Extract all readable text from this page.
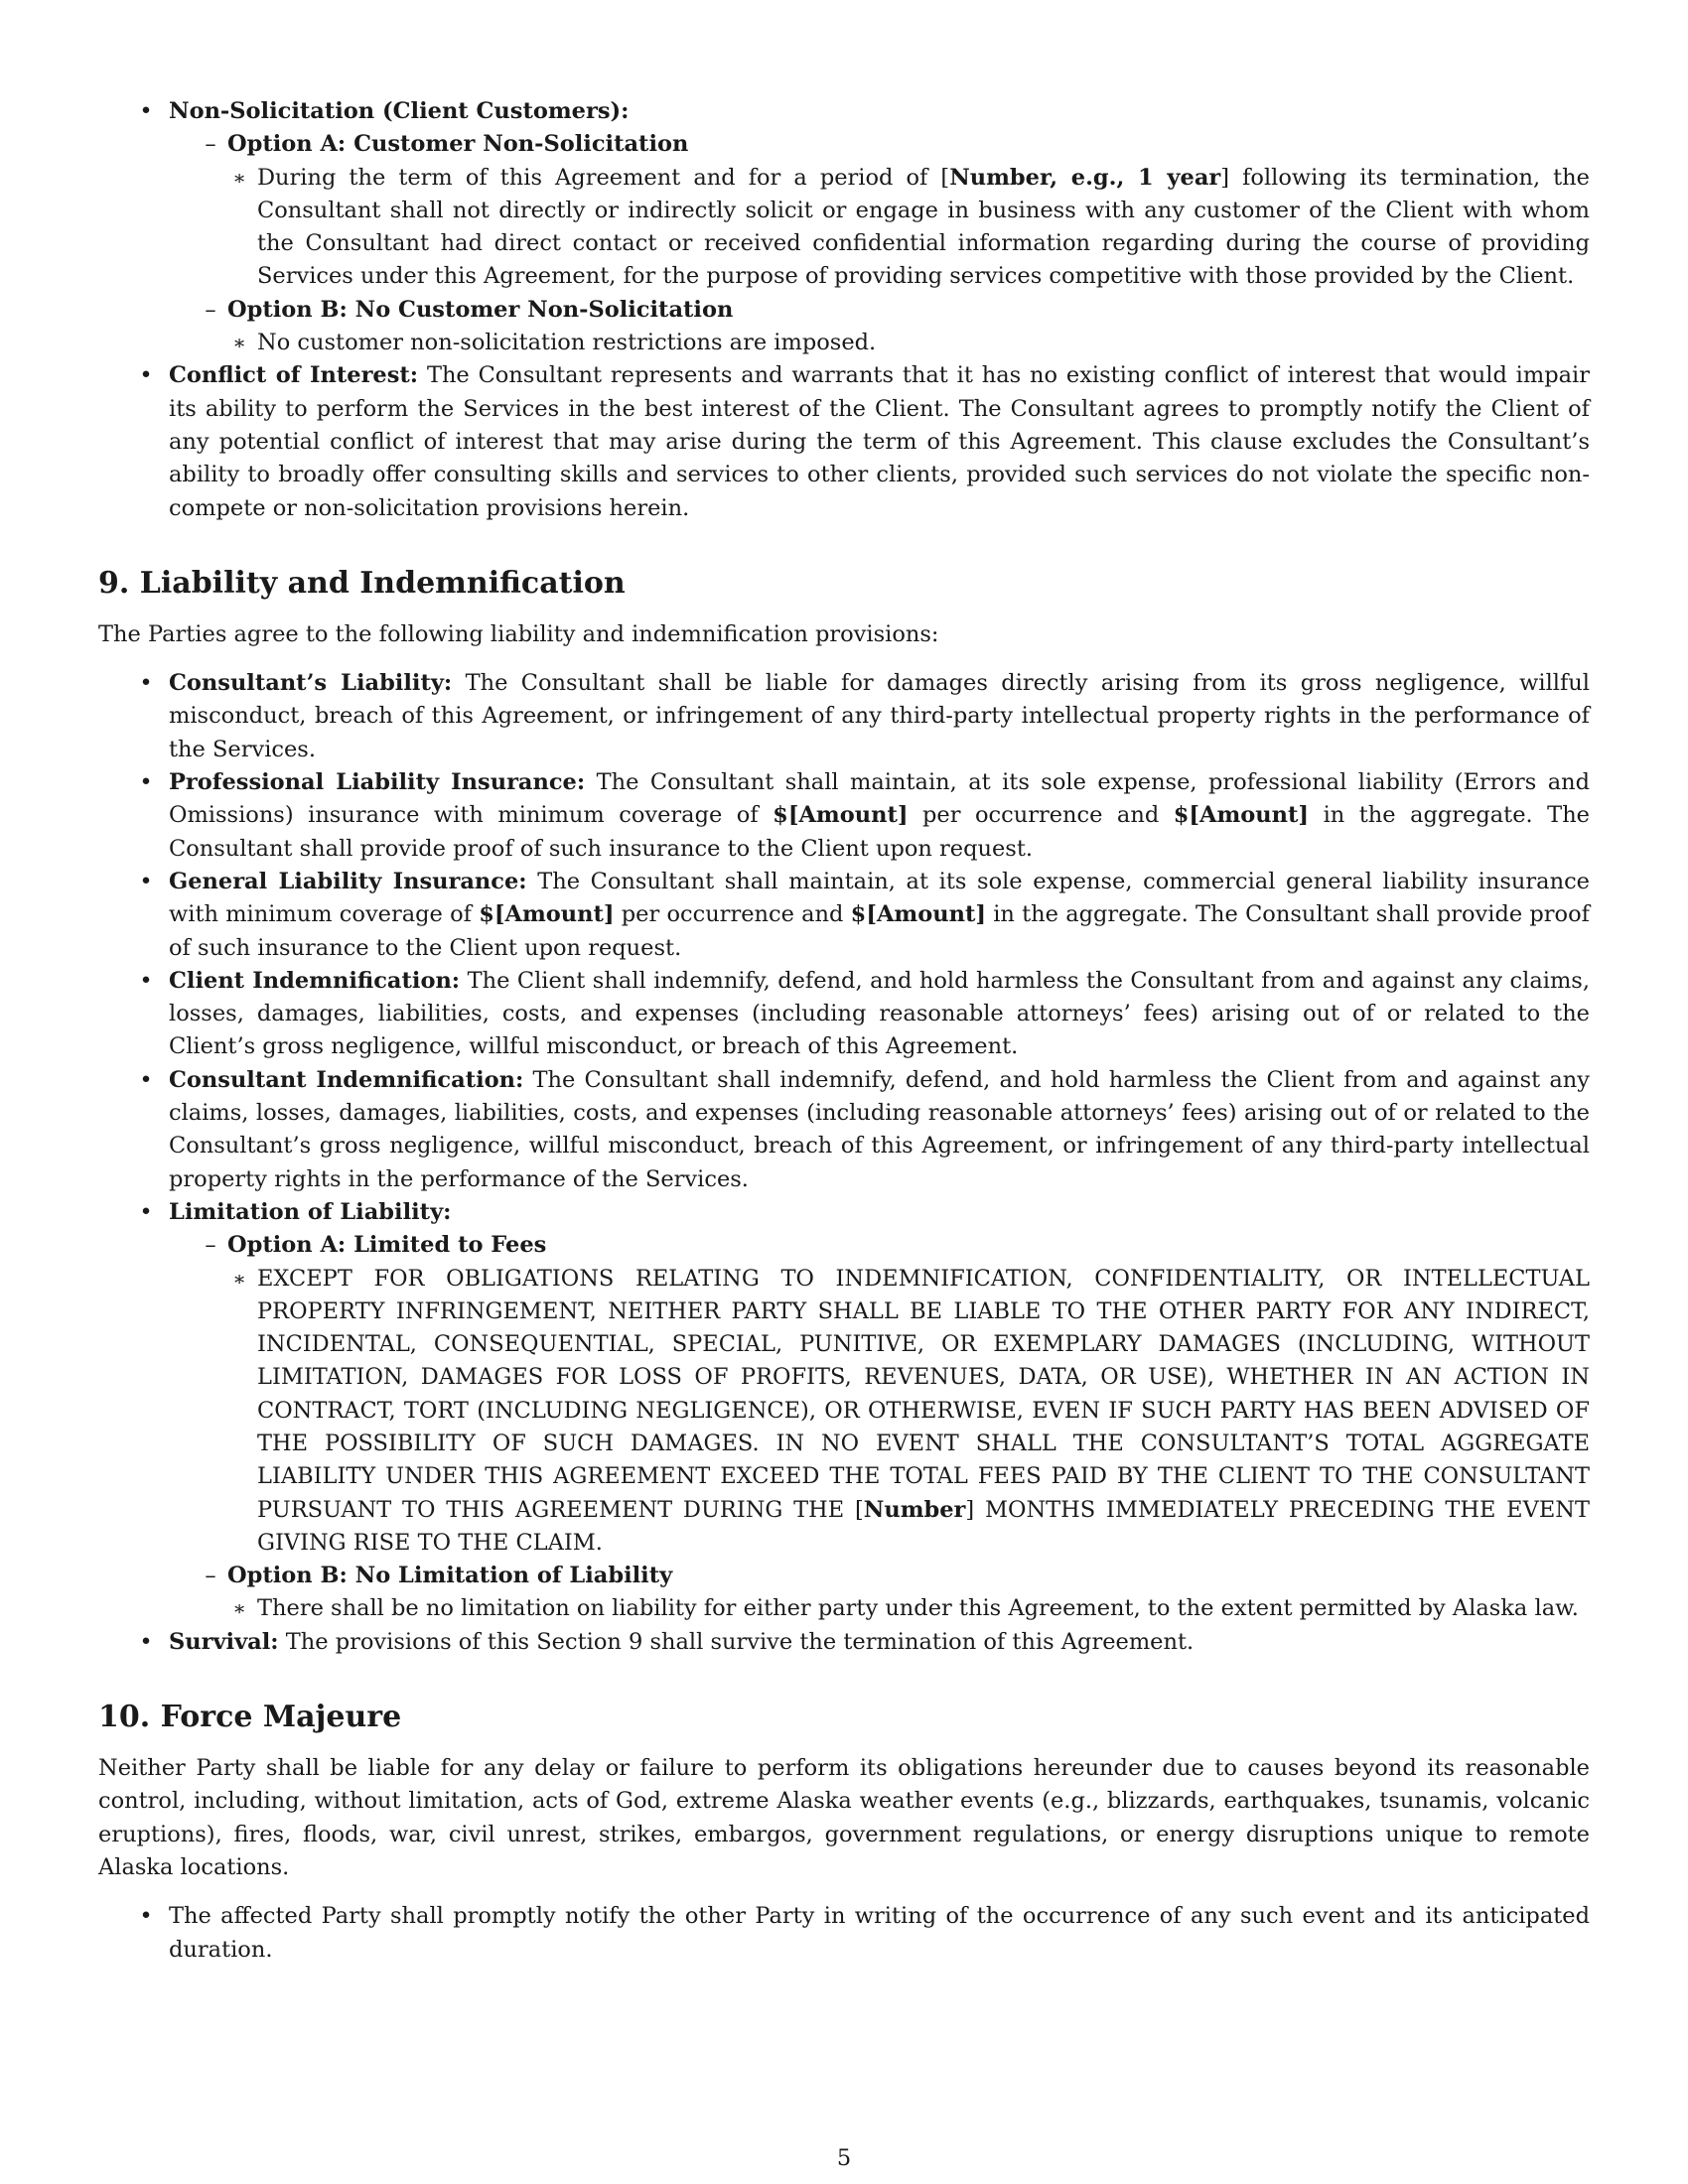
• Non-Solicitation (Client Customers):
– Option A: Customer Non-Solicitation
∗ During the term of this Agreement and for a period of [Number, e.g., 1 year] following its termination, the Consultant shall not directly or indirectly solicit or engage in business with any customer of the Client with whom the Consultant had direct contact or received confidential information regarding during the course of providing Services under this Agreement, for the purpose of providing services competitive with those provided by the Client.
– Option B: No Customer Non-Solicitation
∗ No customer non-solicitation restrictions are imposed.
• Conflict of Interest: The Consultant represents and warrants that it has no existing conflict of interest that would impair its ability to perform the Services in the best interest of the Client. The Consultant agrees to promptly notify the Client of any potential conflict of interest that may arise during the term of this Agreement. This clause excludes the Consultant’s ability to broadly offer consulting skills and services to other clients, provided such services do not violate the specific non-compete or non-solicitation provisions herein.
9. Liability and Indemnification

The Parties agree to the following liability and indemnification provisions:

• Consultant’s Liability: The Consultant shall be liable for damages directly arising from its gross negligence, willful misconduct, breach of this Agreement, or infringement of any third-party intellectual property rights in the performance of the Services.
• Professional Liability Insurance: The Consultant shall maintain, at its sole expense, professional liability (Errors and Omissions) insurance with minimum coverage of $[Amount] per occurrence and $[Amount] in the aggregate. The Consultant shall provide proof of such insurance to the Client upon request.
• General Liability Insurance: The Consultant shall maintain, at its sole expense, commercial general liability insurance with minimum coverage of $[Amount] per occurrence and $[Amount] in the aggregate. The Consultant shall provide proof of such insurance to the Client upon request.
• Client Indemnification: The Client shall indemnify, defend, and hold harmless the Consultant from and against any claims, losses, damages, liabilities, costs, and expenses (including reasonable attorneys’ fees) arising out of or related to the Client’s gross negligence, willful misconduct, or breach of this Agreement.
• Consultant Indemnification: The Consultant shall indemnify, defend, and hold harmless the Client from and against any claims, losses, damages, liabilities, costs, and expenses (including reasonable attorneys’ fees) arising out of or related to the Consultant’s gross negligence, willful misconduct, breach of this Agreement, or infringement of any third-party intellectual property rights in the performance of the Services.
• Limitation of Liability:
– Option A: Limited to Fees
∗ EXCEPT FOR OBLIGATIONS RELATING TO INDEMNIFICATION, CONFIDENTIALITY, OR INTELLECTUAL PROPERTY INFRINGEMENT, NEITHER PARTY SHALL BE LIABLE TO THE OTHER PARTY FOR ANY INDIRECT, INCIDENTAL, CONSEQUENTIAL, SPECIAL, PUNITIVE, OR EXEMPLARY DAMAGES (INCLUDING, WITHOUT LIMITATION, DAMAGES FOR LOSS OF PROFITS, REVENUES, DATA, OR USE), WHETHER IN AN ACTION IN CONTRACT, TORT (INCLUDING NEGLIGENCE), OR OTHERWISE, EVEN IF SUCH PARTY HAS BEEN ADVISED OF THE POSSIBILITY OF SUCH DAMAGES. IN NO EVENT SHALL THE CONSULTANT’S TOTAL AGGREGATE LIABILITY UNDER THIS AGREEMENT EXCEED THE TOTAL FEES PAID BY THE CLIENT TO THE CONSULTANT PURSUANT TO THIS AGREEMENT DURING THE [Number] MONTHS IMMEDIATELY PRECEDING THE EVENT GIVING RISE TO THE CLAIM.
– Option B: No Limitation of Liability
∗ There shall be no limitation on liability for either party under this Agreement, to the extent permitted by Alaska law.
• Survival: The provisions of this Section 9 shall survive the termination of this Agreement.
10. Force Majeure

Neither Party shall be liable for any delay or failure to perform its obligations hereunder due to causes beyond its reasonable control, including, without limitation, acts of God, extreme Alaska weather events (e.g., blizzards, earthquakes, tsunamis, volcanic eruptions), fires, floods, war, civil unrest, strikes, embargos, government regulations, or energy disruptions unique to remote Alaska locations.

• The affected Party shall promptly notify the other Party in writing of the occurrence of any such event and its anticipated duration.
5
